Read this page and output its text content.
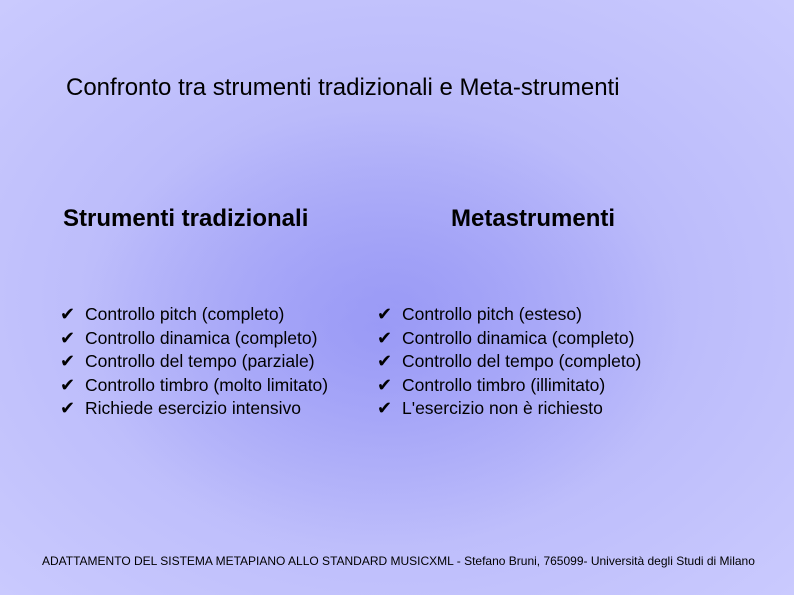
Confronto tra strumenti tradizionali e Meta-strumenti
Strumenti tradizionali	Metastrumenti
✔ Controllo pitch (completo)
✔ Controllo dinamica (completo)
✔ Controllo del tempo (parziale)
✔ Controllo timbro (molto limitato)
✔ Richiede esercizio intensivo
✔ Controllo pitch (esteso)
✔ Controllo dinamica (completo)
✔ Controllo del tempo (completo)
✔ Controllo timbro (illimitato)
✔ L'esercizio non è richiesto
ADATTAMENTO DEL SISTEMA METAPIANO ALLO STANDARD MUSICXML - Stefano Bruni, 765099- Università degli Studi di Milano
